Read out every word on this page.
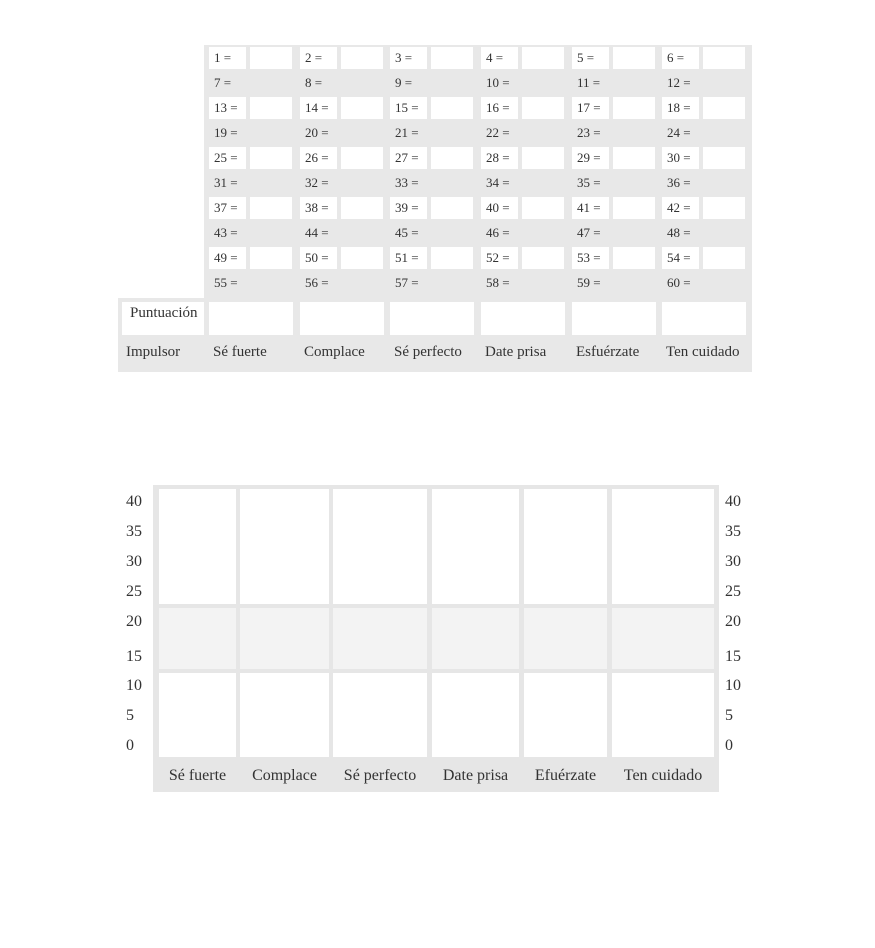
1 =	2 =	3 =	4 =	5 =	6 =
7 =	8 =	9 =	10 =	11 =	12 =
13 =	14 =	15 =	16 =	17 =	18 =
19 =	20 =	21 =	22 =	23 =	24 =
25 =	26 =	27 =	28 =	29 =	30 =
31 =	32 =	33 =	34 =	35 =	36 =
37 =	38 =	39 =	40 =	41 =	42 =
43 =	44 =	45 =	46 =	47 =	48 =
49 =	50 =	51 =	52 =	53 =	54 =
55 =	56 =	57 =	58 =	59 =	60 =
Puntuación
Impulsor	Sé fuerte	Complace	Sé perfecto	Date prisa	Esfuérzate	Ten cuidado
Sé fuerte	Complace	Sé perfecto	Date prisa	Efuérzate	Ten cuidado
40
35
30
25
20
15
10
5
0
40
35
30
25
20
15
10
5
0
